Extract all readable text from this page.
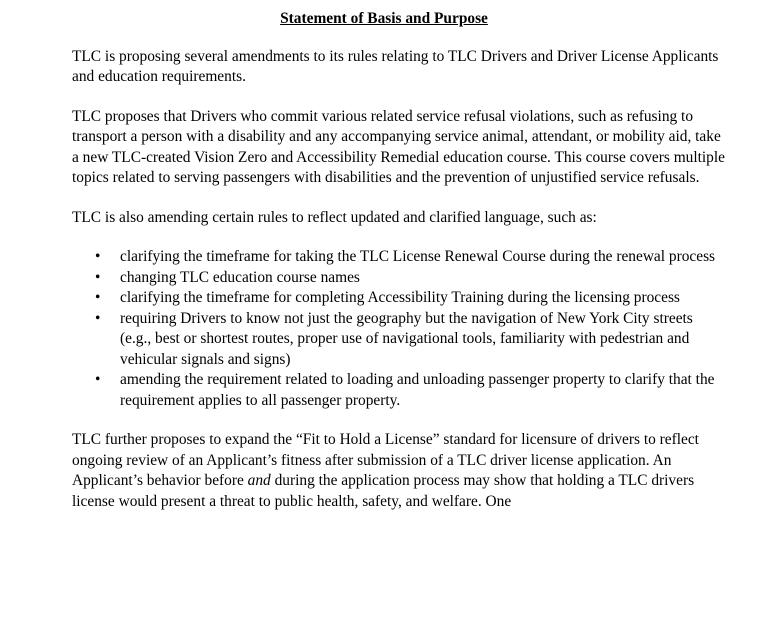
Statement of Basis and Purpose

TLC is proposing several amendments to its rules relating to TLC Drivers and Driver License Applicants and education requirements.

TLC proposes that Drivers who commit various related service refusal violations, such as refusing to transport a person with a disability and any accompanying service animal, attendant, or mobility aid, take a new TLC-created Vision Zero and Accessibility Remedial education course. This course covers multiple topics related to serving passengers with disabilities and the prevention of unjustified service refusals.

TLC is also amending certain rules to reflect updated and clarified language, such as:

• clarifying the timeframe for taking the TLC License Renewal Course during the renewal process
• changing TLC education course names
• clarifying the timeframe for completing Accessibility Training during the licensing process
• requiring Drivers to know not just the geography but the navigation of New York City streets (e.g., best or shortest routes, proper use of navigational tools, familiarity with pedestrian and vehicular signals and signs)
• amending the requirement related to loading and unloading passenger property to clarify that the requirement applies to all passenger property.

TLC further proposes to expand the “Fit to Hold a License” standard for licensure of drivers to reflect ongoing review of an Applicant’s fitness after submission of a TLC driver license application. An Applicant’s behavior before and during the application process may show that holding a TLC drivers license would present a threat to public health, safety, and welfare. One
